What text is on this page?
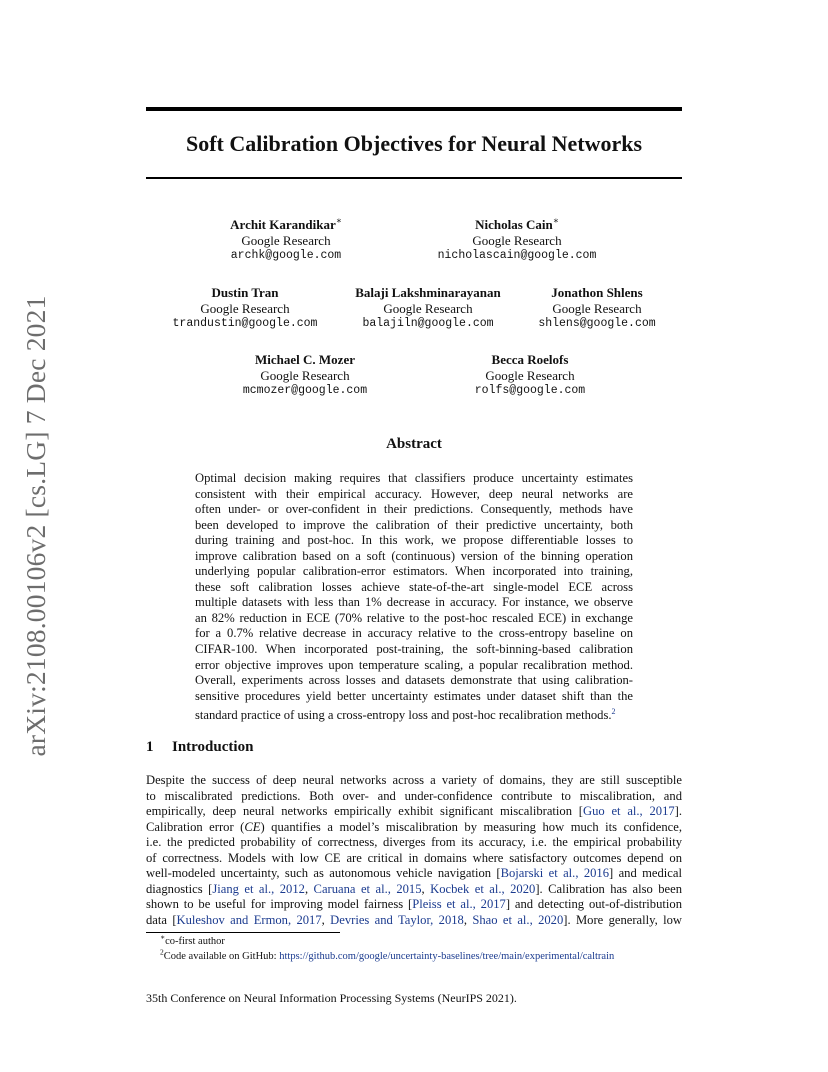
arXiv:2108.00106v2 [cs.LG] 7 Dec 2021
Soft Calibration Objectives for Neural Networks
Archit Karandikar∗
Google Research
archk@google.com
Nicholas Cain∗
Google Research
nicholascain@google.com
Dustin Tran
Google Research
trandustin@google.com
Balaji Lakshminarayanan
Google Research
balajiln@google.com
Jonathon Shlens
Google Research
shlens@google.com
Michael C. Mozer
Google Research
mcmozer@google.com
Becca Roelofs
Google Research
rolfs@google.com
Abstract
Optimal decision making requires that classifiers produce uncertainty estimates
consistent with their empirical accuracy. However, deep neural networks are
often under- or over-confident in their predictions. Consequently, methods have
been developed to improve the calibration of their predictive uncertainty, both
during training and post-hoc. In this work, we propose differentiable losses to
improve calibration based on a soft (continuous) version of the binning operation
underlying popular calibration-error estimators. When incorporated into training,
these soft calibration losses achieve state-of-the-art single-model ECE across
multiple datasets with less than 1% decrease in accuracy. For instance, we observe
an 82% reduction in ECE (70% relative to the post-hoc rescaled ECE) in exchange
for a 0.7% relative decrease in accuracy relative to the cross-entropy baseline on
CIFAR-100. When incorporated post-training, the soft-binning-based calibration
error objective improves upon temperature scaling, a popular recalibration method.
Overall, experiments across losses and datasets demonstrate that using calibration-
sensitive procedures yield better uncertainty estimates under dataset shift than the
standard practice of using a cross-entropy loss and post-hoc recalibration methods.$^2$
1 Introduction
Despite the success of deep neural networks across a variety of domains, they are still susceptible
to miscalibrated predictions. Both over- and under-confidence contribute to miscalibration, and
empirically, deep neural networks empirically exhibit significant miscalibration [Guo et al., 2017].
Calibration error (CE) quantifies a model’s miscalibration by measuring how much its confidence,
i.e. the predicted probability of correctness, diverges from its accuracy, i.e. the empirical probability
of correctness. Models with low CE are critical in domains where satisfactory outcomes depend on
well-modeled uncertainty, such as autonomous vehicle navigation [Bojarski et al., 2016] and medical
diagnostics [Jiang et al., 2012, Caruana et al., 2015, Kocbek et al., 2020]. Calibration has also been
shown to be useful for improving model fairness [Pleiss et al., 2017] and detecting out-of-distribution
data [Kuleshov and Ermon, 2017, Devries and Taylor, 2018, Shao et al., 2020]. More generally, low
∗co-first author
$^2$Code available on GitHub: https://github.com/google/uncertainty-baselines/tree/main/experimental/caltrain
35th Conference on Neural Information Processing Systems (NeurIPS 2021).
